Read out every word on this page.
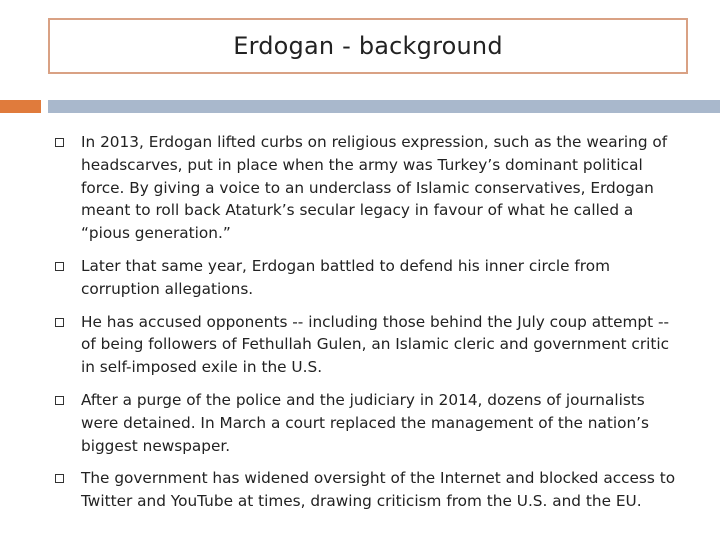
Erdogan - background
In 2013, Erdogan lifted curbs on religious expression, such as the wearing of headscarves, put in place when the army was Turkey’s dominant political force. By giving a voice to an underclass of Islamic conservatives, Erdogan meant to roll back Ataturk’s secular legacy in favour of what he called a “pious generation.”
Later that same year, Erdogan battled to defend his inner circle from corruption allegations.
He has accused opponents -- including those behind the July coup attempt -- of being followers of Fethullah Gulen, an Islamic cleric and government critic in self-imposed exile in the U.S.
After a purge of the police and the judiciary in 2014, dozens of journalists were detained. In March a court replaced the management of the nation’s biggest newspaper.
The government has widened oversight of the Internet and blocked access to Twitter and YouTube at times, drawing criticism from the U.S. and the EU.
